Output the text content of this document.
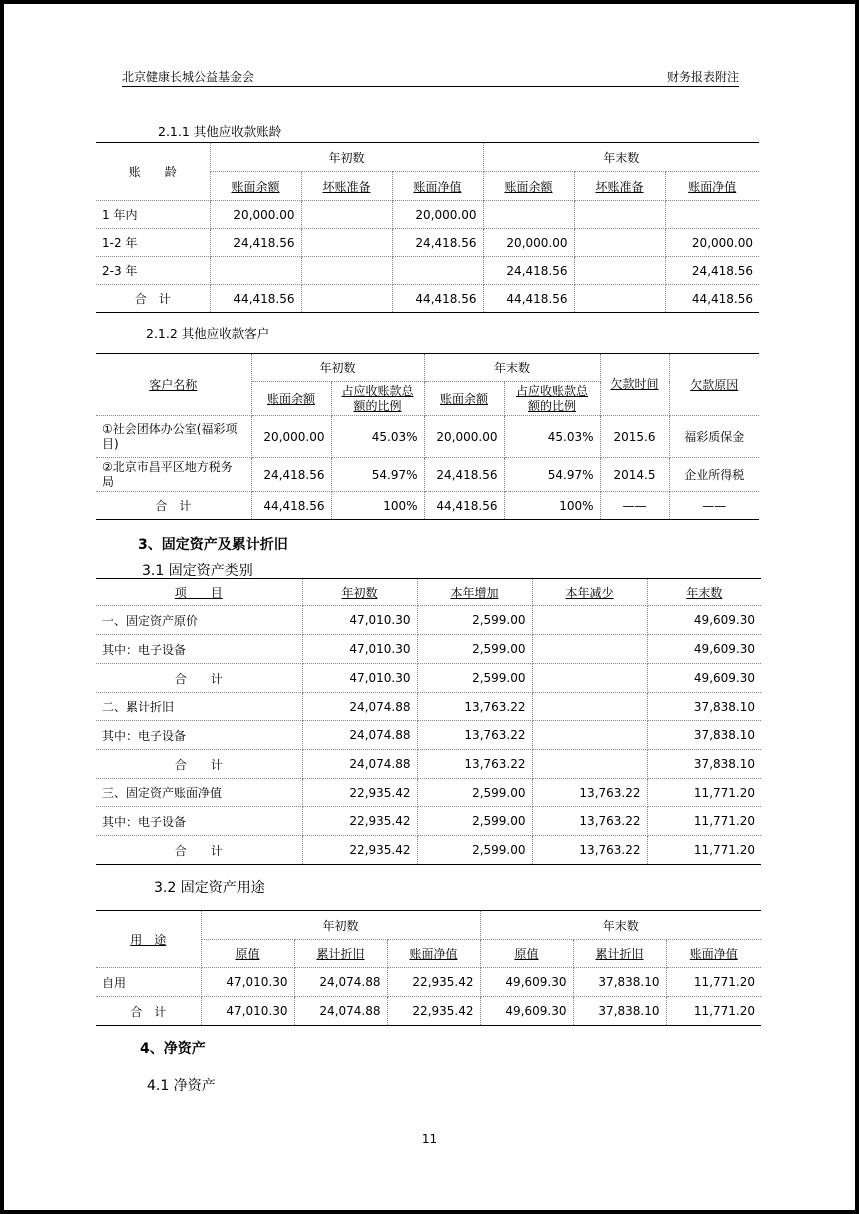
北京健康长城公益基金会	财务报表附注
2.1.1 其他应收款账龄
账　　龄	年初数			年末数		
	账面余额	坏账准备	账面净值	账面余额	坏账准备	账面净值
1 年内	20,000.00		20,000.00			
1-2 年	24,418.56		24,418.56	20,000.00		20,000.00
2-3 年				24,418.56		24,418.56
合　计	44,418.56		44,418.56	44,418.56		44,418.56
2.1.2 其他应收款客户
客户名称	年初数		年末数		欠款时间	欠款原因
	账面余额	占应收账款总额的比例	账面余额	占应收账款总额的比例		
①社会团体办公室(福彩项目)	20,000.00	45.03%	20,000.00	45.03%	2015.6	福彩质保金
②北京市昌平区地方税务局	24,418.56	54.97%	24,418.56	54.97%	2014.5	企业所得税
合　计	44,418.56	100%	44,418.56	100%	——	——
3、固定资产及累计折旧
3.1 固定资产类别
项　　目	年初数	本年增加	本年减少	年末数
一、固定资产原价	47,010.30	2,599.00		49,609.30
其中：电子设备	47,010.30	2,599.00		49,609.30
合　　计	47,010.30	2,599.00		49,609.30
二、累计折旧	24,074.88	13,763.22		37,838.10
其中：电子设备	24,074.88	13,763.22		37,838.10
合　　计	24,074.88	13,763.22		37,838.10
三、固定资产账面净值	22,935.42	2,599.00	13,763.22	11,771.20
其中：电子设备	22,935.42	2,599.00	13,763.22	11,771.20
合　　计	22,935.42	2,599.00	13,763.22	11,771.20
3.2 固定资产用途
用　途	年初数			年末数		
	原值	累计折旧	账面净值	原值	累计折旧	账面净值
自用	47,010.30	24,074.88	22,935.42	49,609.30	37,838.10	11,771.20
合　计	47,010.30	24,074.88	22,935.42	49,609.30	37,838.10	11,771.20
4、净资产
4.1 净资产
11
